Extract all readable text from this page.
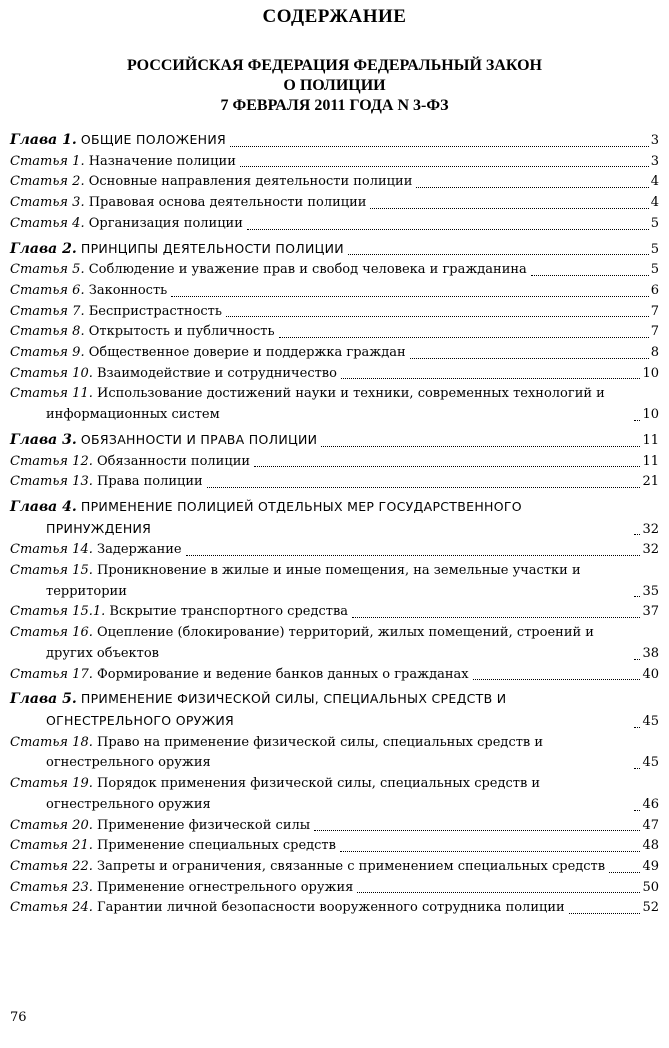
СОДЕРЖАНИЕ
РОССИЙСКАЯ ФЕДЕРАЦИЯ ФЕДЕРАЛЬНЫЙ ЗАКОН
О ПОЛИЦИИ
7 ФЕВРАЛЯ 2011 ГОДА N 3-ФЗ
Глава 1. ОБЩИЕ ПОЛОЖЕНИЯ	3
Статья 1. Назначение полиции	3
Статья 2. Основные направления деятельности полиции	4
Статья 3. Правовая основа деятельности полиции	4
Статья 4. Организация полиции	5
Глава 2. ПРИНЦИПЫ ДЕЯТЕЛЬНОСТИ ПОЛИЦИИ	5
Статья 5. Соблюдение и уважение прав и свобод человека и гражданина	5
Статья 6. Законность	6
Статья 7. Беспристрастность	7
Статья 8. Открытость и публичность	7
Статья 9. Общественное доверие и поддержка граждан	8
Статья 10. Взаимодействие и сотрудничество	10
Статья 11. Использование достижений науки и техники, современных технологий и информационных систем	10
Глава 3. ОБЯЗАННОСТИ И ПРАВА ПОЛИЦИИ	11
Статья 12. Обязанности полиции	11
Статья 13. Права полиции	21
Глава 4. ПРИМЕНЕНИЕ ПОЛИЦИЕЙ ОТДЕЛЬНЫХ МЕР ГОСУДАРСТВЕННОГО ПРИНУЖДЕНИЯ	32
Статья 14. Задержание	32
Статья 15. Проникновение в жилые и иные помещения, на земельные участки и территории	35
Статья 15.1. Вскрытие транспортного средства	37
Статья 16. Оцепление (блокирование) территорий, жилых помещений, строений и других объектов	38
Статья 17. Формирование и ведение банков данных о гражданах	40
Глава 5. ПРИМЕНЕНИЕ ФИЗИЧЕСКОЙ СИЛЫ, СПЕЦИАЛЬНЫХ СРЕДСТВ И ОГНЕСТРЕЛЬНОГО ОРУЖИЯ	45
Статья 18. Право на применение физической силы, специальных средств и огнестрельного оружия	45
Статья 19. Порядок применения физической силы, специальных средств и огнестрельного оружия	46
Статья 20. Применение физической силы	47
Статья 21. Применение специальных средств	48
Статья 22. Запреты и ограничения, связанные с применением специальных средств	49
Статья 23. Применение огнестрельного оружия	50
Статья 24. Гарантии личной безопасности вооруженного сотрудника полиции	52
76
